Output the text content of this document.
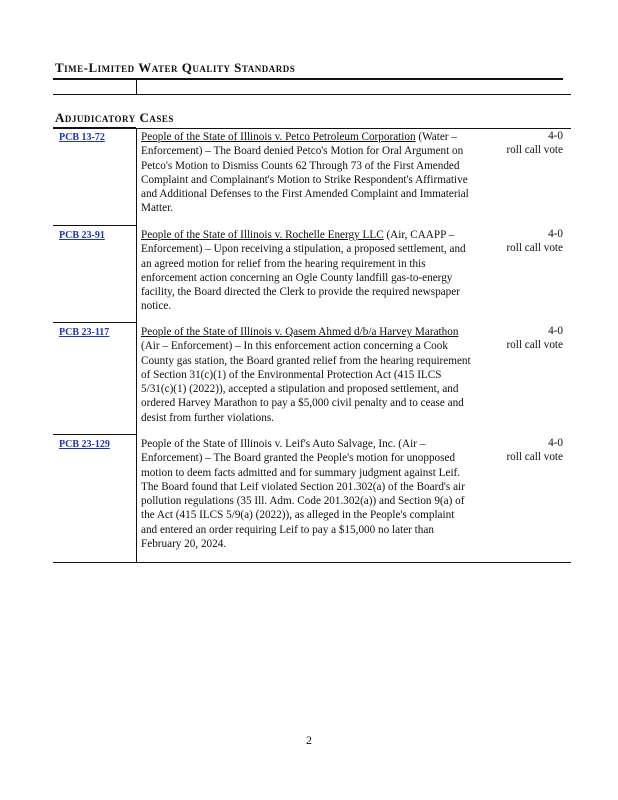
Time-Limited Water Quality Standards
Adjudicatory Cases
PCB 13-72	People of the State of Illinois v. Petco Petroleum Corporation (Water – Enforcement) – The Board denied Petco's Motion for Oral Argument on Petco's Motion to Dismiss Counts 62 Through 73 of the First Amended Complaint and Complainant's Motion to Strike Respondent's Affirmative and Additional Defenses to the First Amended Complaint and Immaterial Matter.
4-0
roll call vote
PCB 23-91	People of the State of Illinois v. Rochelle Energy LLC (Air, CAAPP – Enforcement) – Upon receiving a stipulation, a proposed settlement, and an agreed motion for relief from the hearing requirement in this enforcement action concerning an Ogle County landfill gas-to-energy facility, the Board directed the Clerk to provide the required newspaper notice.
4-0
roll call vote
PCB 23-117	People of the State of Illinois v. Qasem Ahmed d/b/a Harvey Marathon (Air – Enforcement) – In this enforcement action concerning a Cook County gas station, the Board granted relief from the hearing requirement of Section 31(c)(1) of the Environmental Protection Act (415 ILCS 5/31(c)(1) (2022)), accepted a stipulation and proposed settlement, and ordered Harvey Marathon to pay a $5,000 civil penalty and to cease and desist from further violations.
4-0
roll call vote
PCB 23-129	People of the State of Illinois v. Leif's Auto Salvage, Inc. (Air – Enforcement) – The Board granted the People's motion for unopposed motion to deem facts admitted and for summary judgment against Leif. The Board found that Leif violated Section 201.302(a) of the Board's air pollution regulations (35 Ill. Adm. Code 201.302(a)) and Section 9(a) of the Act (415 ILCS 5/9(a) (2022)), as alleged in the People's complaint and entered an order requiring Leif to pay a $15,000 no later than February 20, 2024.
4-0
roll call vote
2
